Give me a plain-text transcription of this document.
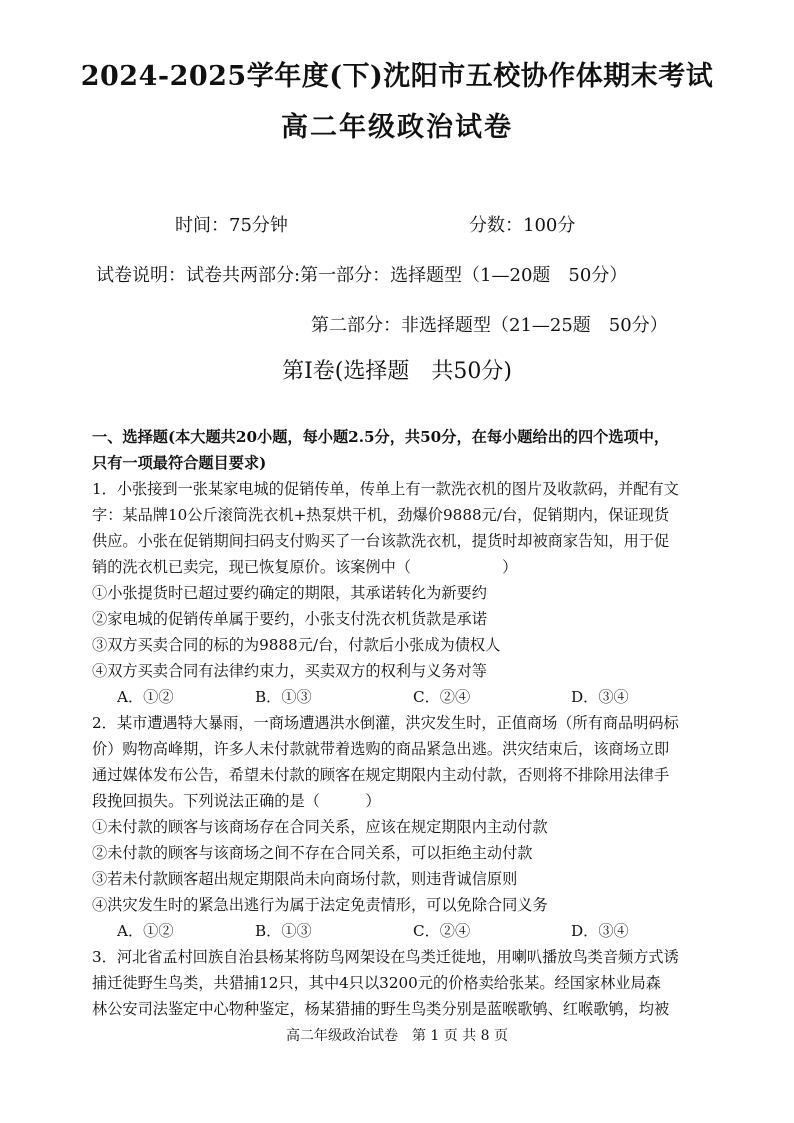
2024-2025学年度(下)沈阳市五校协作体期末考试
高二年级政治试卷
时间：75分钟	分数：100分
试卷说明：试卷共两部分:第一部分：选择题型（1—20题　50分）
第二部分：非选择题型（21—25题　50分）
第Ⅰ卷(选择题　共50分)
一、选择题(本大题共20小题，每小题2.5分，共50分，在每小题给出的四个选项中，
只有一项最符合题目要求)
1．小张接到一张某家电城的促销传单，传单上有一款洗衣机的图片及收款码，并配有文
字：某品牌10公斤滚筒洗衣机+热泵烘干机，劲爆价9888元/台，促销期内，保证现货
供应。小张在促销期间扫码支付购买了一台该款洗衣机，提货时却被商家告知，用于促
销的洗衣机已卖完，现已恢复原价。该案例中（　　　　　　）
①小张提货时已超过要约确定的期限，其承诺转化为新要约
②家电城的促销传单属于要约，小张支付洗衣机货款是承诺
③双方买卖合同的标的为9888元/台，付款后小张成为债权人
④双方买卖合同有法律约束力，买卖双方的权利与义务对等
A．①②	B．①③	C．②④	D．③④
2．某市遭遇特大暴雨，一商场遭遇洪水倒灌，洪灾发生时，正值商场（所有商品明码标
价）购物高峰期，许多人未付款就带着选购的商品紧急出逃。洪灾结束后，该商场立即
通过媒体发布公告，希望未付款的顾客在规定期限内主动付款，否则将不排除用法律手
段挽回损失。下列说法正确的是（　　　）
①未付款的顾客与该商场存在合同关系，应该在规定期限内主动付款
②未付款的顾客与该商场之间不存在合同关系，可以拒绝主动付款
③若未付款顾客超出规定期限尚未向商场付款，则违背诚信原则
④洪灾发生时的紧急出逃行为属于法定免责情形，可以免除合同义务
A．①②	B．①③	C．②④	D．③④
3．河北省孟村回族自治县杨某将防鸟网架设在鸟类迁徙地，用喇叭播放鸟类音频方式诱
捕迁徙野生鸟类，共猎捕12只，其中4只以3200元的价格卖给张某。经国家林业局森
林公安司法鉴定中心物种鉴定，杨某猎捕的野生鸟类分别是蓝喉歌鸲、红喉歌鸲，均被
高二年级政治试卷　第 1 页 共 8 页
